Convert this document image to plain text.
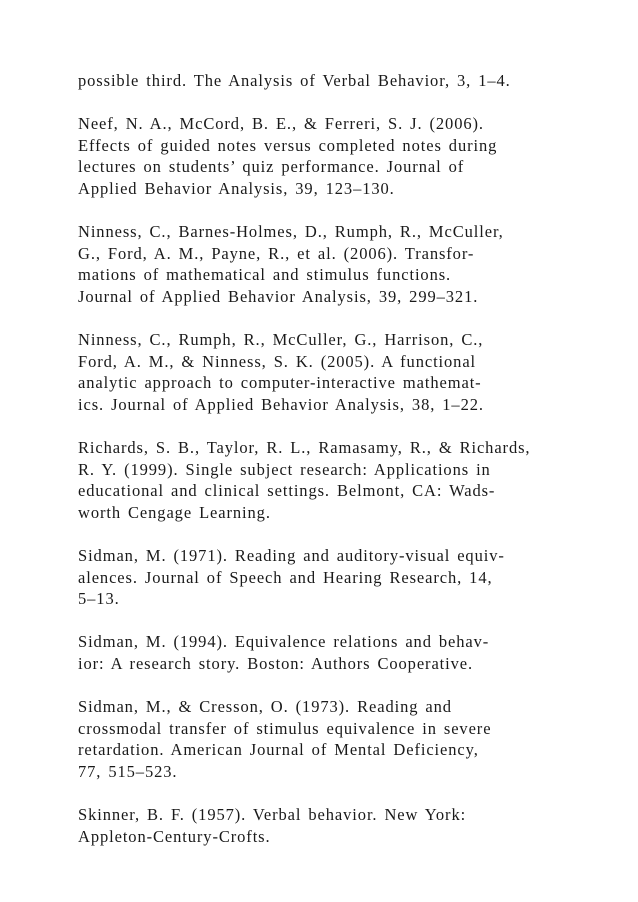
possible third. The Analysis of Verbal Behavior, 3, 1–4.
Neef, N. A., McCord, B. E., & Ferreri, S. J. (2006).
Effects of guided notes versus completed notes during
lectures on students’ quiz performance. Journal of
Applied Behavior Analysis, 39, 123–130.
Ninness, C., Barnes-Holmes, D., Rumph, R., McCuller,
G., Ford, A. M., Payne, R., et al. (2006). Transfor-
mations of mathematical and stimulus functions.
Journal of Applied Behavior Analysis, 39, 299–321.
Ninness, C., Rumph, R., McCuller, G., Harrison, C.,
Ford, A. M., & Ninness, S. K. (2005). A functional
analytic approach to computer-interactive mathemat-
ics. Journal of Applied Behavior Analysis, 38, 1–22.
Richards, S. B., Taylor, R. L., Ramasamy, R., & Richards,
R. Y. (1999). Single subject research: Applications in
educational and clinical settings. Belmont, CA: Wads-
worth Cengage Learning.
Sidman, M. (1971). Reading and auditory-visual equiv-
alences. Journal of Speech and Hearing Research, 14,
5–13.
Sidman, M. (1994). Equivalence relations and behav-
ior: A research story. Boston: Authors Cooperative.
Sidman, M., & Cresson, O. (1973). Reading and
crossmodal transfer of stimulus equivalence in severe
retardation. American Journal of Mental Deficiency,
77, 515–523.
Skinner, B. F. (1957). Verbal behavior. New York:
Appleton-Century-Crofts.
